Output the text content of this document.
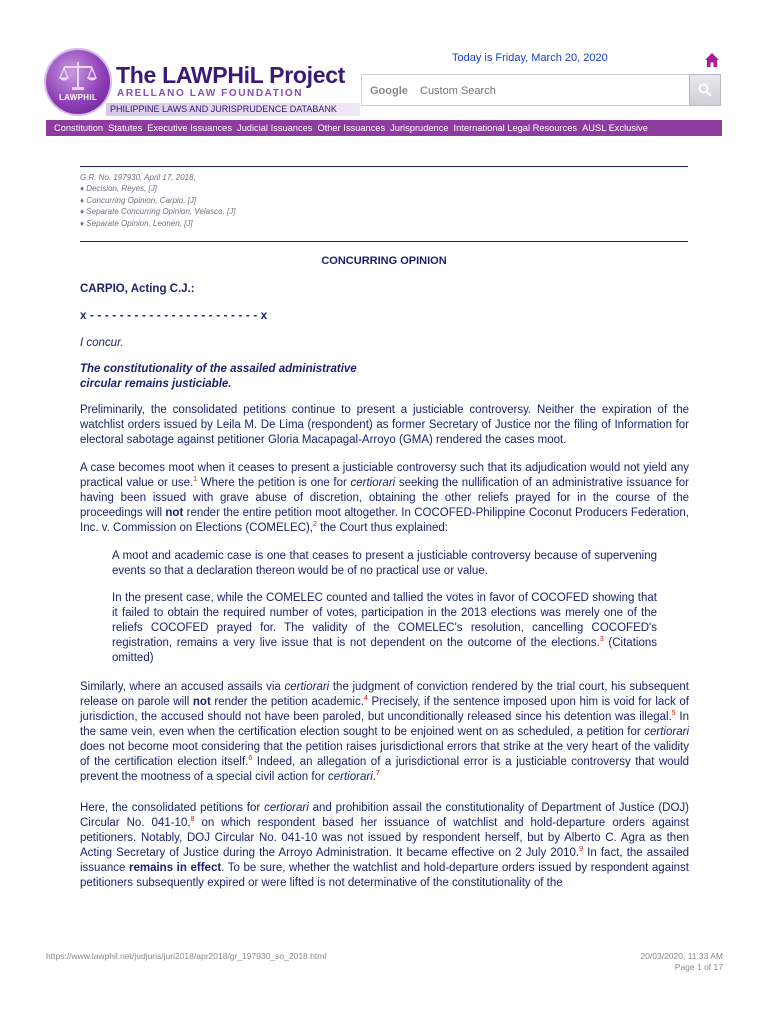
LAWPHIL
The LAWPHiL Project
ARELLANO LAW FOUNDATION
PHILIPPINE LAWS AND JURISPRUDENCE DATABANK
Today is Friday, March 20, 2020
Google
Custom Search
Constitution Statutes Executive Issuances Judicial Issuances Other Issuances Jurisprudence International Legal Resources AUSL Exclusive
G.R. No. 197930, April 17, 2018,
♦ Decision, Reyes, [J]
♦ Concurring Opinion, Carpio, [J]
♦ Separate Concurring Opinion, Velasco, [J]
♦ Separate Opinion, Leonen, [J]
CONCURRING OPINION
CARPIO, Acting C.J.:
x - - - - - - - - - - - - - - - - - - - - - - - x
I concur.
The constitutionality of the assailed administrative circular remains justiciable.

Preliminarily, the consolidated petitions continue to present a justiciable controversy. Neither the expiration of the watchlist orders issued by Leila M. De Lima (respondent) as former Secretary of Justice nor the filing of Information for electoral sabotage against petitioner Gloria Macapagal-Arroyo (GMA) rendered the cases moot.

A case becomes moot when it ceases to present a justiciable controversy such that its adjudication would not yield any practical value or use.$^1$ Where the petition is one for certiorari seeking the nullification of an administrative issuance for having been issued with grave abuse of discretion, obtaining the other reliefs prayed for in the course of the proceedings will not render the entire petition moot altogether. In COCOFED-Philippine Coconut Producers Federation, Inc. v. Commission on Elections (COMELEC),$^2$ the Court thus explained:

A moot and academic case is one that ceases to present a justiciable controversy because of supervening events so that a declaration thereon would be of no practical use or value.

In the present case, while the COMELEC counted and tallied the votes in favor of COCOFED showing that it failed to obtain the required number of votes, participation in the 2013 elections was merely one of the reliefs COCOFED prayed for. The validity of the COMELEC's resolution, cancelling COCOFED's registration, remains a very live issue that is not dependent on the outcome of the elections.$^3$ (Citations omitted)

Similarly, where an accused assails via certiorari the judgment of conviction rendered by the trial court, his subsequent release on parole will not render the petition academic.$^4$ Precisely, if the sentence imposed upon him is void for lack of jurisdiction, the accused should not have been paroled, but unconditionally released since his detention was illegal.$^5$ In the same vein, even when the certification election sought to be enjoined went on as scheduled, a petition for certiorari does not become moot considering that the petition raises jurisdictional errors that strike at the very heart of the validity of the certification election itself.$^6$ Indeed, an allegation of a jurisdictional error is a justiciable controversy that would prevent the mootness of a special civil action for certiorari.$^7$

Here, the consolidated petitions for certiorari and prohibition assail the constitutionality of Department of Justice (DOJ) Circular No. 041-10,$^8$ on which respondent based her issuance of watchlist and hold-departure orders against petitioners. Notably, DOJ Circular No. 041-10 was not issued by respondent herself, but by Alberto C. Agra as then Acting Secretary of Justice during the Arroyo Administration. It became effective on 2 July 2010.$^9$ In fact, the assailed issuance remains in effect. To be sure, whether the watchlist and hold-departure orders issued by respondent against petitioners subsequently expired or were lifted is not determinative of the constitutionality of the

https://www.lawphil.net/judjuris/juri2018/apr2018/gr_197930_so_2018.html	20/03/2020, 11:33 AM
Page 1 of 17
